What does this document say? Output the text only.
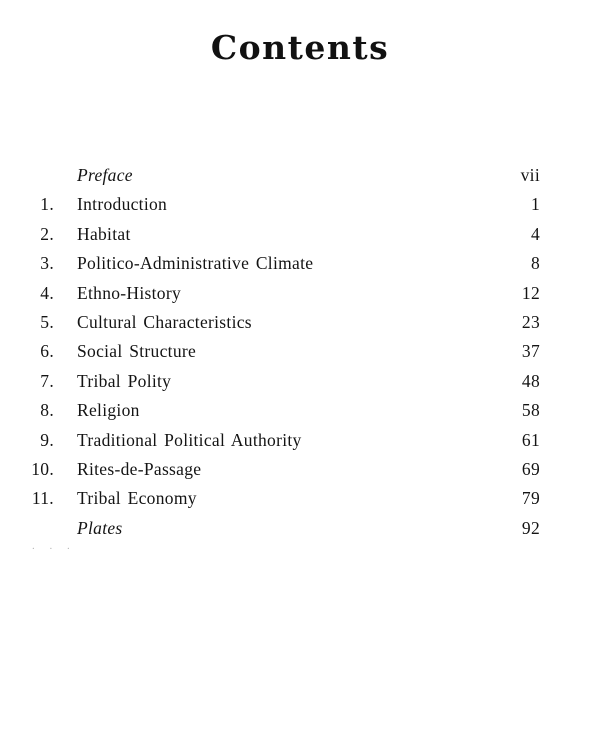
Contents
Preface	vii
1.	Introduction	1
2.	Habitat	4
3.	Politico-Administrative Climate	8
4.	Ethno-History	12
5.	Cultural Characteristics	23
6.	Social Structure	37
7.	Tribal Polity	48
8.	Religion	58
9.	Traditional Political Authority	61
10.	Rites-de-Passage	69
11.	Tribal Economy	79
Plates	92
. . .
